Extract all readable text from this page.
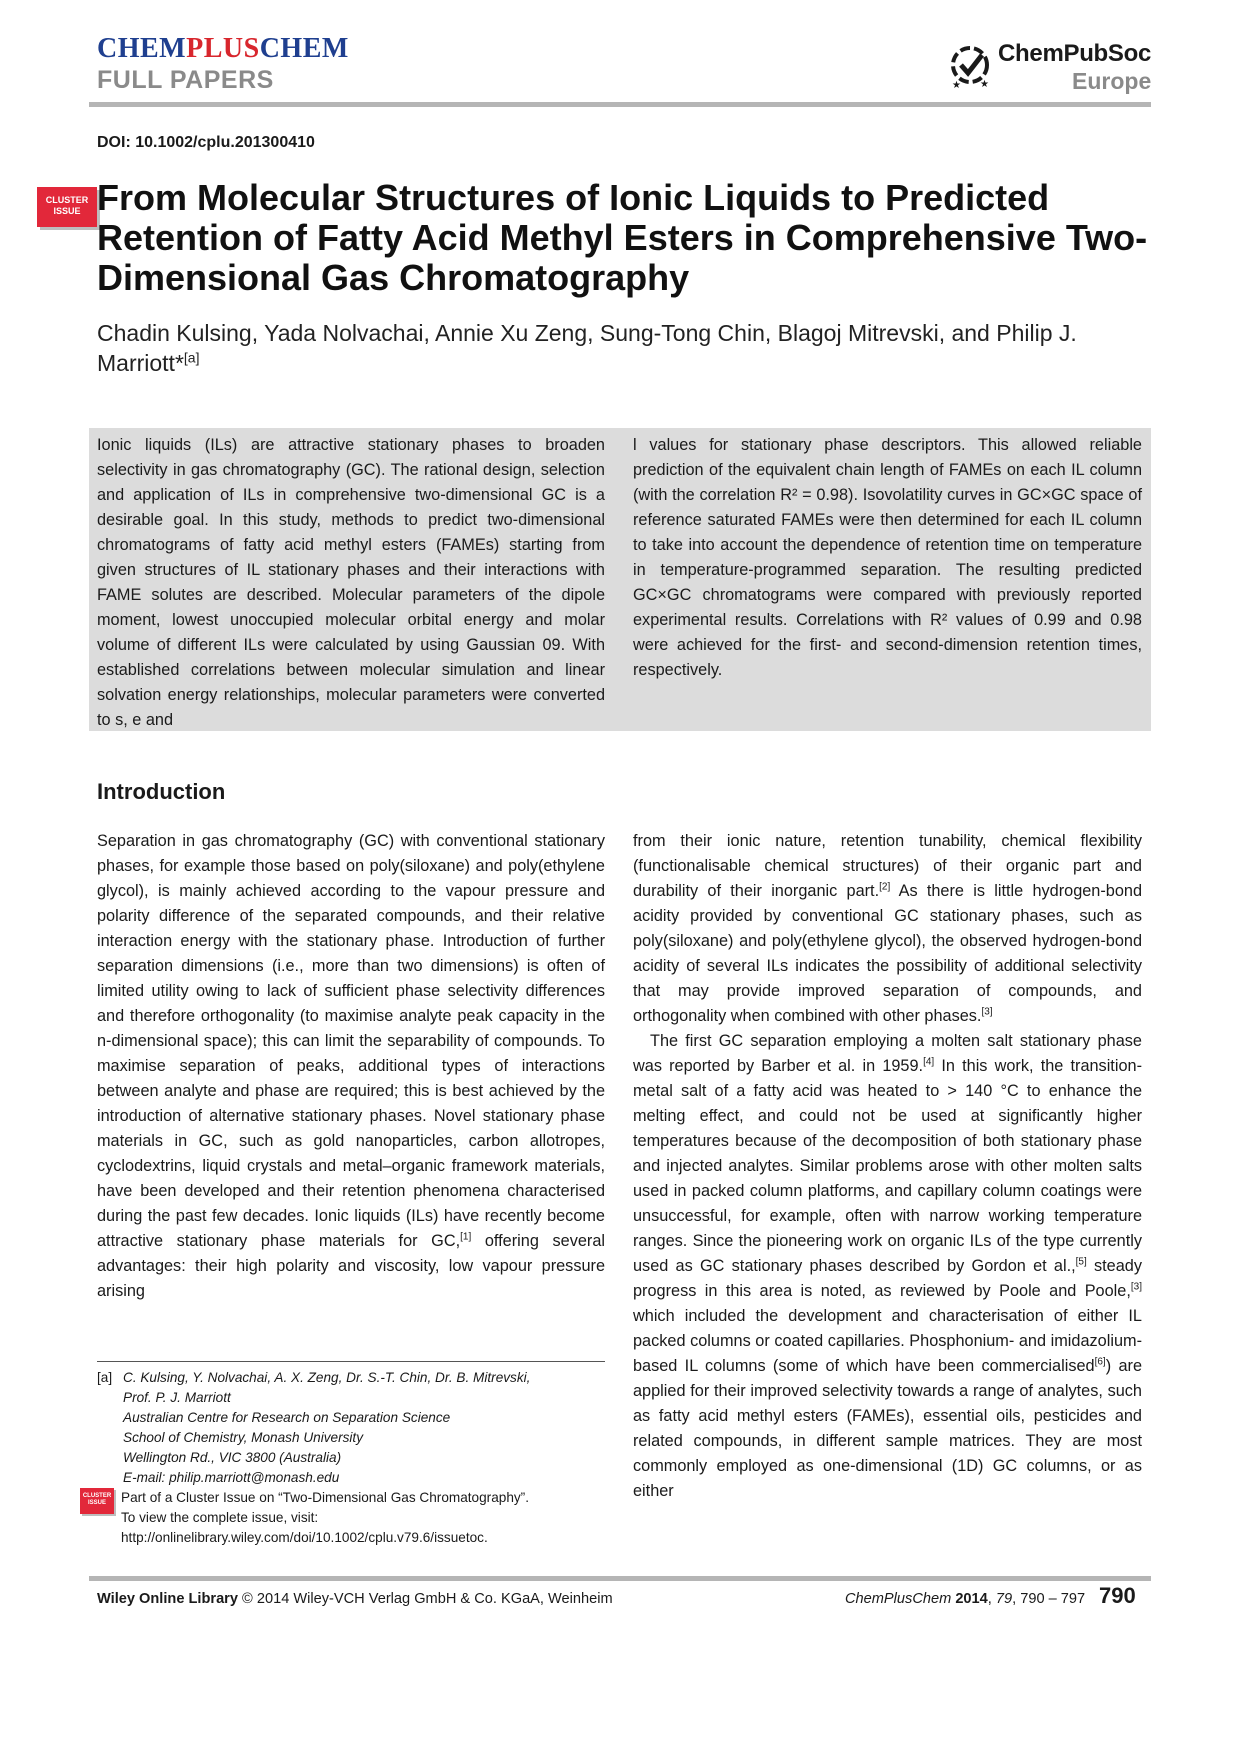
CHEMPLUSCHEM
FULL PAPERS	★ ★
ChemPubSoc
Europe
DOI: 10.1002/cplu.201300410
CLUSTER
ISSUE From Molecular Structures of Ionic Liquids to Predicted Retention of Fatty Acid Methyl Esters in Comprehensive Two-Dimensional Gas Chromatography
Chadin Kulsing, Yada Nolvachai, Annie Xu Zeng, Sung-Tong Chin, Blagoj Mitrevski, and Philip J. Marriott*[a]
Ionic liquids (ILs) are attractive stationary phases to broaden selectivity in gas chromatography (GC). The rational design, selection and application of ILs in comprehensive two-dimensional GC is a desirable goal. In this study, methods to predict two-dimensional chromatograms of fatty acid methyl esters (FAMEs) starting from given structures of IL stationary phases and their interactions with FAME solutes are described. Molecular parameters of the dipole moment, lowest unoccupied molecular orbital energy and molar volume of different ILs were calculated by using Gaussian 09. With established correlations between molecular simulation and linear solvation energy relationships, molecular parameters were converted to s, e and
l values for stationary phase descriptors. This allowed reliable prediction of the equivalent chain length of FAMEs on each IL column (with the correlation R² = 0.98). Isovolatility curves in GC×GC space of reference saturated FAMEs were then determined for each IL column to take into account the dependence of retention time on temperature in temperature-programmed separation. The resulting predicted GC×GC chromatograms were compared with previously reported experimental results. Correlations with R² values of 0.99 and 0.98 were achieved for the first- and second-dimension retention times, respectively.
Introduction
Separation in gas chromatography (GC) with conventional stationary phases, for example those based on poly(siloxane) and poly(ethylene glycol), is mainly achieved according to the vapour pressure and polarity difference of the separated compounds, and their relative interaction energy with the stationary phase. Introduction of further separation dimensions (i.e., more than two dimensions) is often of limited utility owing to lack of sufficient phase selectivity differences and therefore orthogonality (to maximise analyte peak capacity in the n-dimensional space); this can limit the separability of compounds. To maximise separation of peaks, additional types of interactions between analyte and phase are required; this is best achieved by the introduction of alternative stationary phases. Novel stationary phase materials in GC, such as gold nanoparticles, carbon allotropes, cyclodextrins, liquid crystals and metal–organic framework materials, have been developed and their retention phenomena characterised during the past few decades. Ionic liquids (ILs) have recently become attractive stationary phase materials for GC,[1] offering several advantages: their high polarity and viscosity, low vapour pressure arising

from their ionic nature, retention tunability, chemical flexibility (functionalisable chemical structures) of their organic part and durability of their inorganic part.[2] As there is little hydrogen-bond acidity provided by conventional GC stationary phases, such as poly(siloxane) and poly(ethylene glycol), the observed hydrogen-bond acidity of several ILs indicates the possibility of additional selectivity that may provide improved separation of compounds, and orthogonality when combined with other phases.[3]

The first GC separation employing a molten salt stationary phase was reported by Barber et al. in 1959.[4] In this work, the transition-metal salt of a fatty acid was heated to > 140 °C to enhance the melting effect, and could not be used at significantly higher temperatures because of the decomposition of both stationary phase and injected analytes. Similar problems arose with other molten salts used in packed column platforms, and capillary column coatings were unsuccessful, for example, often with narrow working temperature ranges. Since the pioneering work on organic ILs of the type currently used as GC stationary phases described by Gordon et al.,[5] steady progress in this area is noted, as reviewed by Poole and Poole,[3] which included the development and characterisation of either IL packed columns or coated capillaries. Phosphonium- and imidazolium-based IL columns (some of which have been commercialised[6]) are applied for their improved selectivity towards a range of analytes, such as fatty acid methyl esters (FAMEs), essential oils, pesticides and related compounds, in different sample matrices. They are most commonly employed as one-dimensional (1D) GC columns, or as either

[a] C. Kulsing, Y. Nolvachai, A. X. Zeng, Dr. S.-T. Chin, Dr. B. Mitrevski,
Prof. P. J. Marriott
Australian Centre for Research on Separation Science
School of Chemistry, Monash University
Wellington Rd., VIC 3800 (Australia)
E-mail: philip.marriott@monash.edu
CLUSTER
ISSUE	Part of a Cluster Issue on “Two-Dimensional Gas Chromatography”.
To view the complete issue, visit:
http://onlinelibrary.wiley.com/doi/10.1002/cplu.v79.6/issuetoc.
Wiley Online Library © 2014 Wiley-VCH Verlag GmbH & Co. KGaA, Weinheim	ChemPlusChem 2014, 79, 790 – 797 790
